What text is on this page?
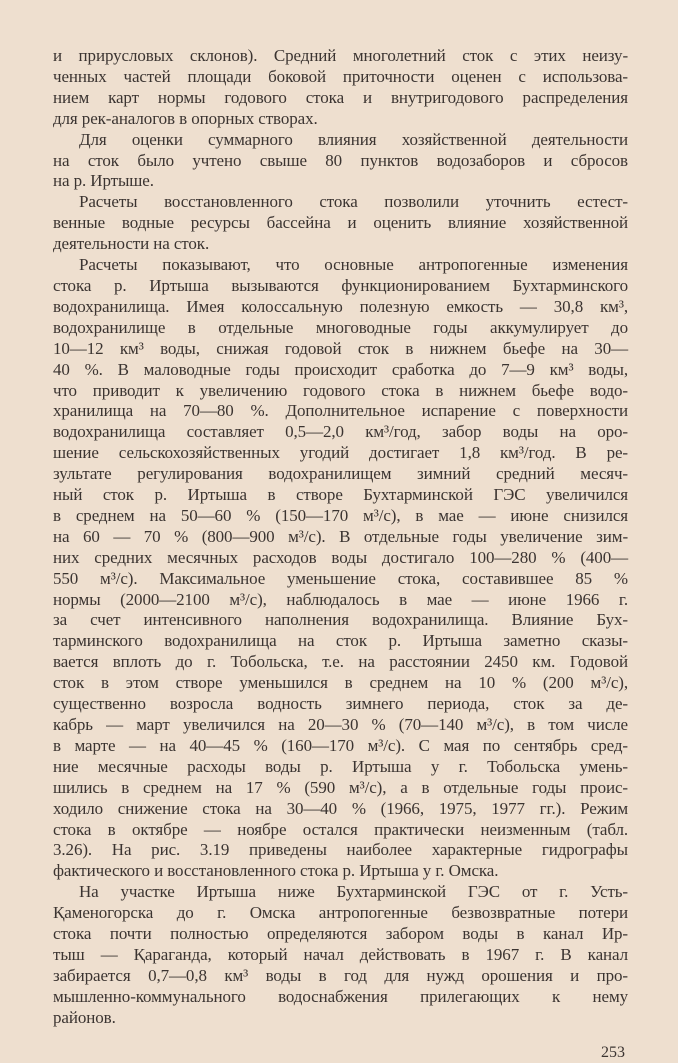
и прирусловых склонов). Средний многолетний сток с этих неизу-
ченных частей площади боковой приточности оценен с использова-
нием карт нормы годового стока и внутригодового распределения
для рек-аналогов в опорных створах.
Для оценки суммарного влияния хозяйственной деятельности
на сток было учтено свыше 80 пунктов водозаборов и сбросов
на р. Иртыше.
Расчеты восстановленного стока позволили уточнить естест-
венные водные ресурсы бассейна и оценить влияние хозяйственной
деятельности на сток.
Расчеты показывают, что основные антропогенные изменения
стока р. Иртыша вызываются функционированием Бухтарминского
водохранилища. Имея колоссальную полезную емкость — 30,8 км³,
водохранилище в отдельные многоводные годы аккумулирует до
10—12 км³ воды, снижая годовой сток в нижнем бьефе на 30—
40 %. В маловодные годы происходит сработка до 7—9 км³ воды,
что приводит к увеличению годового стока в нижнем бьефе водо-
хранилища на 70—80 %. Дополнительное испарение с поверхности
водохранилища составляет 0,5—2,0 км³/год, забор воды на оро-
шение сельскохозяйственных угодий достигает 1,8 км³/год. В ре-
зультате регулирования водохранилищем зимний средний месяч-
ный сток р. Иртыша в створе Бухтарминской ГЭС увеличился
в среднем на 50—60 % (150—170 м³/с), в мае — июне снизился
на 60 — 70 % (800—900 м³/с). В отдельные годы увеличение зим-
них средних месячных расходов воды достигало 100—280 % (400—
550 м³/с). Максимальное уменьшение стока, составившее 85 %
нормы (2000—2100 м³/с), наблюдалось в мае — июне 1966 г.
за счет интенсивного наполнения водохранилища. Влияние Бух-
тарминского водохранилища на сток р. Иртыша заметно сказы-
вается вплоть до г. Тобольска, т.е. на расстоянии 2450 км. Годовой
сток в этом створе уменьшился в среднем на 10 % (200 м³/с),
существенно возросла водность зимнего периода, сток за де-
кабрь — март увеличился на 20—30 % (70—140 м³/с), в том числе
в марте — на 40—45 % (160—170 м³/с). С мая по сентябрь сред-
ние месячные расходы воды р. Иртыша у г. Тобольска умень-
шились в среднем на 17 % (590 м³/с), а в отдельные годы проис-
ходило снижение стока на 30—40 % (1966, 1975, 1977 гг.). Режим
стока в октябре — ноябре остался практически неизменным (табл.
3.26). На рис. 3.19 приведены наиболее характерные гидрографы
фактического и восстановленного стока р. Иртыша у г. Омска.
На участке Иртыша ниже Бухтарминской ГЭС от г. Усть-
Қаменогорска до г. Омска антропогенные безвозвратные потери
стока почти полностью определяются забором воды в канал Ир-
тыш — Қараганда, который начал действовать в 1967 г. В канал
забирается 0,7—0,8 км³ воды в год для нужд орошения и про-
мышленно-коммунального водоснабжения прилегающих к нему
районов.
253
